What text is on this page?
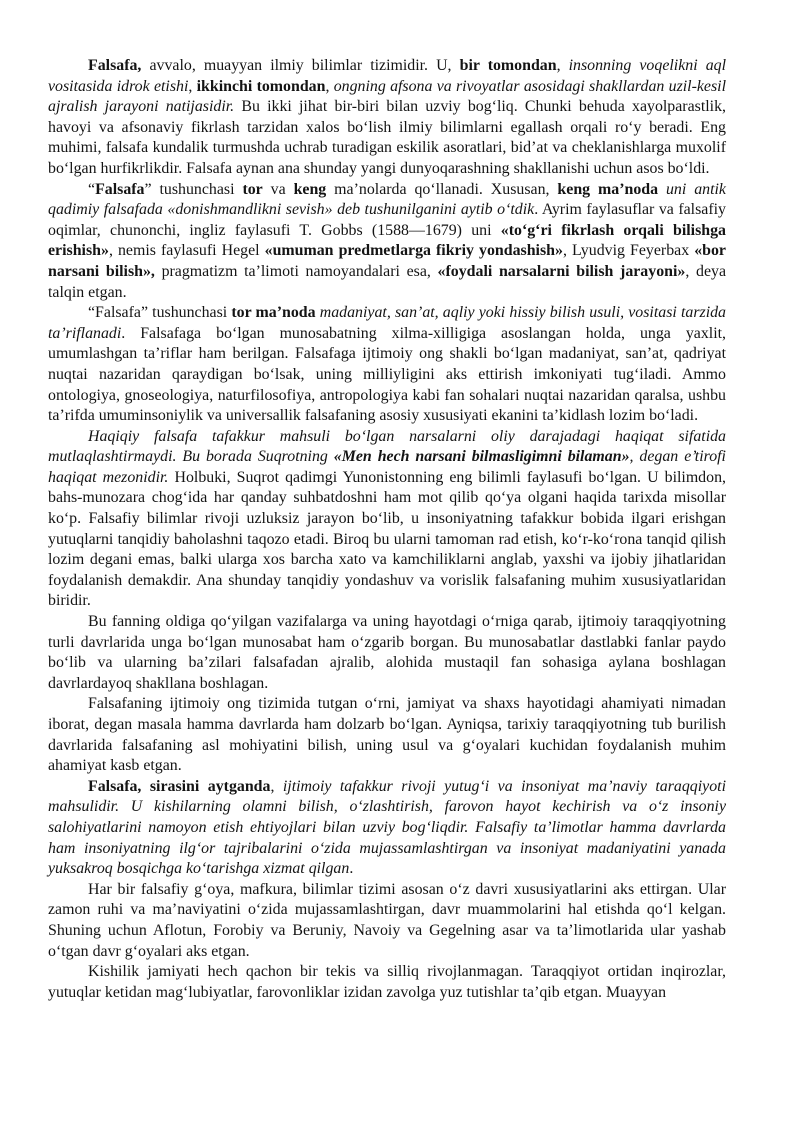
Falsafa, avvalo, muayyan ilmiy bilimlar tizimidir. U, bir tomondan, insonning voqelikni aql vositasida idrok etishi, ikkinchi tomondan, ongning afsona va rivoyatlar asosidagi shakllardan uzil-kesil ajralish jarayoni natijasidir. Bu ikki jihat bir-biri bilan uzviy bog‘liq. Chunki behuda xayolparastlik, havoyi va afsonaviy fikrlash tarzidan xalos bo‘lish ilmiy bilimlarni egallash orqali ro‘y beradi. Eng muhimi, falsafa kundalik turmushda uchrab turadigan eskilik asoratlari, bid’at va cheklanishlarga muxolif bo‘lgan hurfikrlikdir. Falsafa aynan ana shunday yangi dunyoqarashning shakllanishi uchun asos bo‘ldi.

“Falsafa” tushunchasi tor va keng ma’nolarda qo‘llanadi. Xususan, keng ma’noda uni antik qadimiy falsafada «donishmandlikni sevish» deb tushunilganini aytib o‘tdik. Ayrim faylasuflar va falsafiy oqimlar, chunonchi, ingliz faylasufi T. Gobbs (1588—1679) uni «to‘g‘ri fikrlash orqali bilishga erishish», nemis faylasufi Hegel «umuman predmetlarga fikriy yondashish», Lyudvig Feyerbax «bor narsani bilish», pragmatizm ta’limoti namoyandalari esa, «foydali narsalarni bilish jarayoni», deya talqin etgan.

“Falsafa” tushunchasi tor ma’noda madaniyat, san’at, aqliy yoki hissiy bilish usuli, vositasi tarzida ta’riflanadi. Falsafaga bo‘lgan munosabatning xilma-xilligiga asoslangan holda, unga yaxlit, umumlashgan ta’riflar ham berilgan. Falsafaga ijtimoiy ong shakli bo‘lgan madaniyat, san’at, qadriyat nuqtai nazaridan qaraydigan bo‘lsak, uning milliyligini aks ettirish imkoniyati tug‘iladi. Ammo ontologiya, gnoseologiya, naturfilosofiya, antropologiya kabi fan sohalari nuqtai nazaridan qaralsa, ushbu ta’rifda umuminsoniylik va universallik falsafaning asosiy xususiyati ekanini ta’kidlash lozim bo‘ladi.

Haqiqiy falsafa tafakkur mahsuli bo‘lgan narsalarni oliy darajadagi haqiqat sifatida mutlaqlashtirmaydi. Bu borada Suqrotning «Men hech narsani bilmasligimni bilaman», degan e’tirofi haqiqat mezonidir. Holbuki, Suqrot qadimgi Yunonistonning eng bilimli faylasufi bo‘lgan. U bilimdon, bahs-munozara chog‘ida har qanday suhbatdoshni ham mot qilib qo‘ya olgani haqida tarixda misollar ko‘p. Falsafiy bilimlar rivoji uzluksiz jarayon bo‘lib, u insoniyatning tafakkur bobida ilgari erishgan yutuqlarni tanqidiy baholashni taqozo etadi. Biroq bu ularni tamoman rad etish, ko‘r-ko‘rona tanqid qilish lozim degani emas, balki ularga xos barcha xato va kamchiliklarni anglab, yaxshi va ijobiy jihatlaridan foydalanish demakdir. Ana shunday tanqidiy yondashuv va vorislik falsafaning muhim xususiyatlaridan biridir.

Bu fanning oldiga qo‘yilgan vazifalarga va uning hayotdagi o‘rniga qarab, ijtimoiy taraqqiyotning turli davrlarida unga bo‘lgan munosabat ham o‘zgarib borgan. Bu munosabatlar dastlabki fanlar paydo bo‘lib va ularning ba’zilari falsafadan ajralib, alohida mustaqil fan sohasiga aylana boshlagan davrlardayoq shakllana boshlagan.

Falsafaning ijtimoiy ong tizimida tutgan o‘rni, jamiyat va shaxs hayotidagi ahamiyati nimadan iborat, degan masala hamma davrlarda ham dolzarb bo‘lgan. Ayniqsa, tarixiy taraqqiyotning tub burilish davrlarida falsafaning asl mohiyatini bilish, uning usul va g‘oyalari kuchidan foydalanish muhim ahamiyat kasb etgan.

Falsafa, sirasini aytganda, ijtimoiy tafakkur rivoji yutug‘i va insoniyat ma’naviy taraqqiyoti mahsulidir. U kishilarning olamni bilish, o‘zlashtirish, farovon hayot kechirish va o‘z insoniy salohiyatlarini namoyon etish ehtiyojlari bilan uzviy bog‘liqdir. Falsafiy ta’limotlar hamma davrlarda ham insoniyatning ilg‘or tajribalarini o‘zida mujassamlashtirgan va insoniyat madaniyatini yanada yuksakroq bosqichga ko‘tarishga xizmat qilgan.

Har bir falsafiy g‘oya, mafkura, bilimlar tizimi asosan o‘z davri xususiyatlarini aks ettirgan. Ular zamon ruhi va ma’naviyatini o‘zida mujassamlashtirgan, davr muammolarini hal etishda qo‘l kelgan. Shuning uchun Aflotun, Forobiy va Beruniy, Navoiy va Gegelning asar va ta’limotlarida ular yashab o‘tgan davr g‘oyalari aks etgan.

Kishilik jamiyati hech qachon bir tekis va silliq rivojlanmagan. Taraqqiyot ortidan inqirozlar, yutuqlar ketidan mag‘lubiyatlar, farovonliklar izidan zavolga yuz tutishlar ta’qib etgan. Muayyan
